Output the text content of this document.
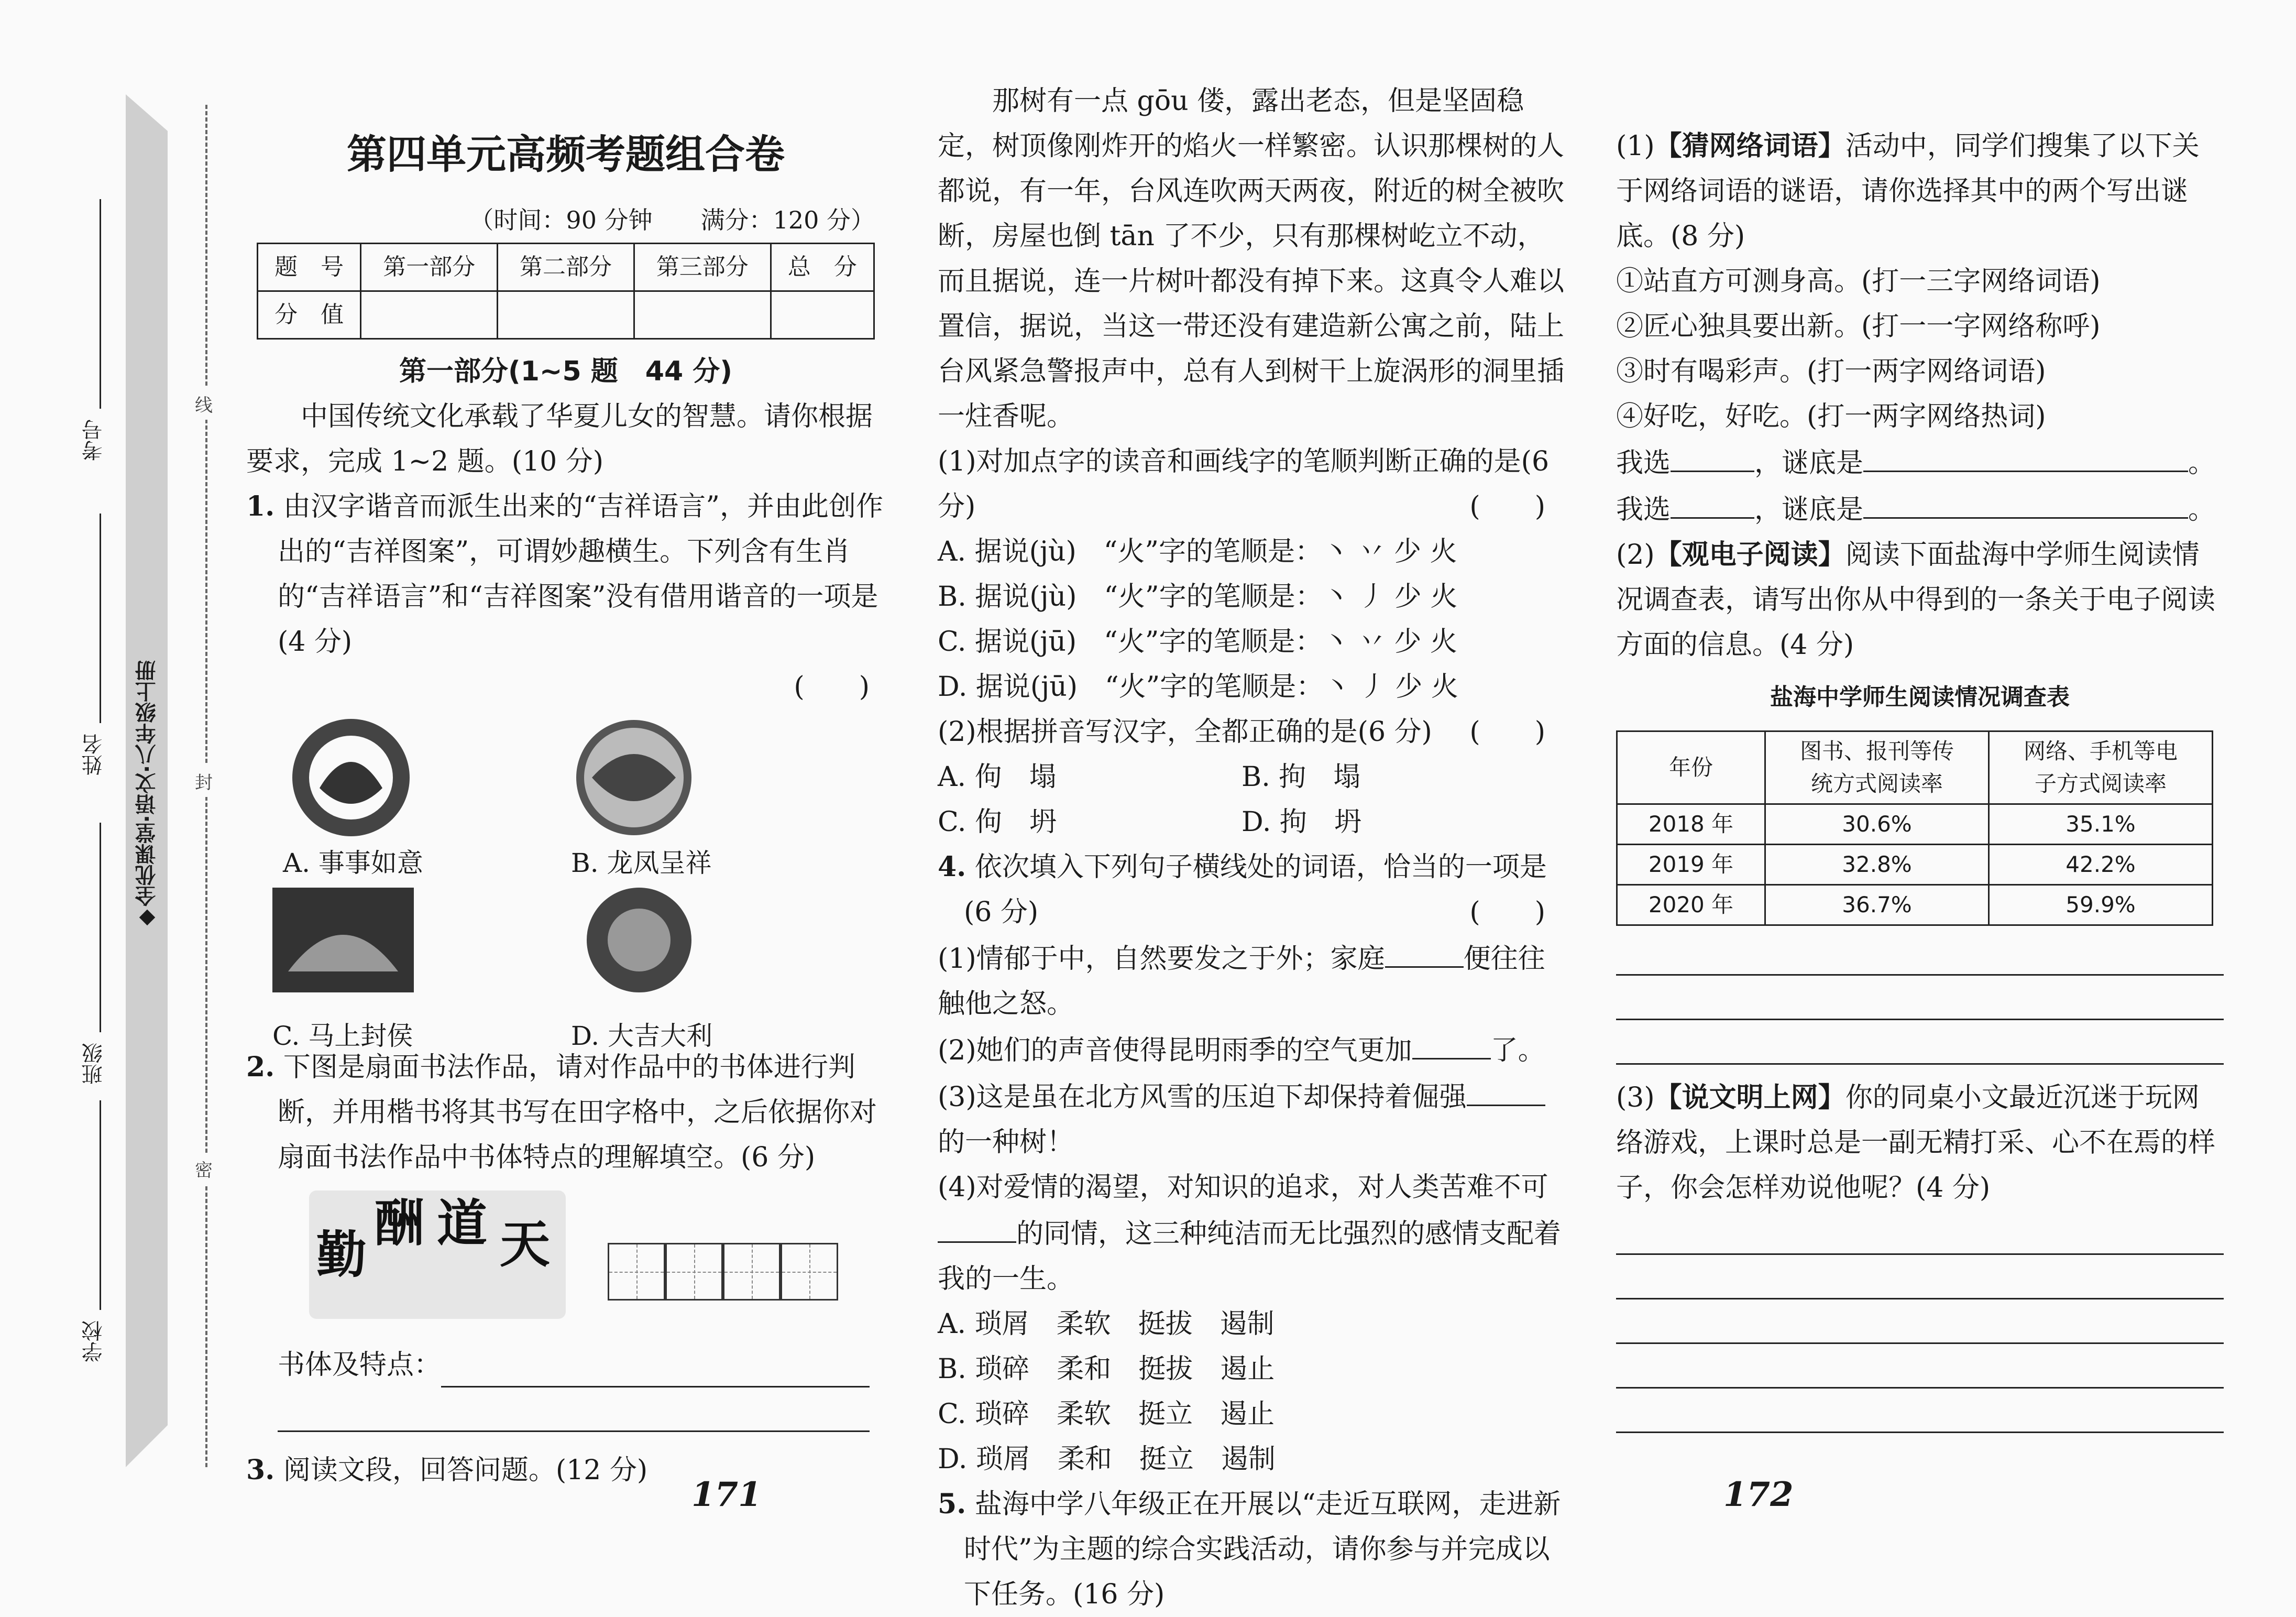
◆全优课堂·语文·八年级上册
考号
姓名
班级
学校
线
封
密
第四单元高频考题组合卷
（时间：90 分钟　　满分：120 分）
题　号	第一部分	第二部分	第三部分	总　分
分　值				

第一部分(1~5 题　44 分)

中国传统文化承载了华夏儿女的智慧。请你根据要求，完成 1~2 题。(10 分)

1. 由汉字谐音而派生出来的“吉祥语言”，并由此创作出的“吉祥图案”，可谓妙趣横生。下列含有生肖的“吉祥语言”和“吉祥图案”没有借用谐音的一项是(4 分)

(　　)

A. 事事如意	B. 龙凤呈祥
C. 马上封侯	D. 大吉大利

2. 下图是扇面书法作品，请对作品中的书体进行判断，并用楷书将其书写在田字格中，之后依据你对扇面书法作品中书体特点的理解填空。(6 分)

天
道
酬
勤
书体及特点：

3. 阅读文段，回答问题。(12 分)

那树有一点 gōu 偻，露出老态，但是坚固稳定，树顶像刚炸开的焰火一样繁密。认识那棵树的人都说，有一年，台风连吹两天两夜，附近的树全被吹断，房屋也倒 tān 了不少，只有那棵树屹立不动，而且据说，连一片树叶都没有掉下来。这真令人难以置信，据说，当这一带还没有建造新公寓之前，陆上台风紧急警报声中，总有人到树干上旋涡形的洞里插一炷香呢。

(1)对加点字的读音和画线字的笔顺判断正确的是(6 分)	(　　)

A. 据说(jù)　“火”字的笔顺是：丶 丷 少 火

B. 据说(jù)　“火”字的笔顺是：丶 丿 少 火

C. 据说(jū)　“火”字的笔顺是：丶 丷 少 火

D. 据说(jū)　“火”字的笔顺是：丶 丿 少 火

(2)根据拼音写汉字，全都正确的是(6 分) (　　)

A. 佝　塌	B. 拘　塌

C. 佝　坍	D. 拘　坍

4. 依次填入下列句子横线处的词语，恰当的一项是(6 分)	(　　)

(1)情郁于中，自然要发之于外；家庭	便往往触他之怒。

(2)她们的声音使得昆明雨季的空气更加	了。

(3)这是虽在北方风雪的压迫下却保持着倔强的一种树！

(4)对爱情的渴望，对知识的追求，对人类苦难不可的同情，这三种纯洁而无比强烈的感情支配着我的一生。

A. 琐屑　柔软　挺拔　遏制

B. 琐碎　柔和　挺拔　遏止

C. 琐碎　柔软　挺立　遏止

D. 琐屑　柔和　挺立　遏制

5. 盐海中学八年级正在开展以“走近互联网，走进新时代”为主题的综合实践活动，请你参与并完成以下任务。(16 分)

(1)【猜网络词语】活动中，同学们搜集了以下关于网络词语的谜语，请你选择其中的两个写出谜底。(8 分)

①站直方可测身高。(打一三字网络词语)

②匠心独具要出新。(打一一字网络称呼)

③时有喝彩声。(打一两字网络词语)

④好吃，好吃。(打一两字网络热词)

我选	，谜底是	。

我选	，谜底是	。

(2)【观电子阅读】阅读下面盐海中学师生阅读情况调查表，请写出你从中得到的一条关于电子阅读方面的信息。(4 分)

盐海中学师生阅读情况调查表
年份	图书、报刊等传统方式阅读率	网络、手机等电子方式阅读率
2018 年	30.6%	35.1%
2019 年	32.8%	42.2%
2020 年	36.7%	59.9%

(3)【说文明上网】你的同桌小文最近沉迷于玩网络游戏，上课时总是一副无精打采、心不在焉的样子，你会怎样劝说他呢？(4 分)

171	172
